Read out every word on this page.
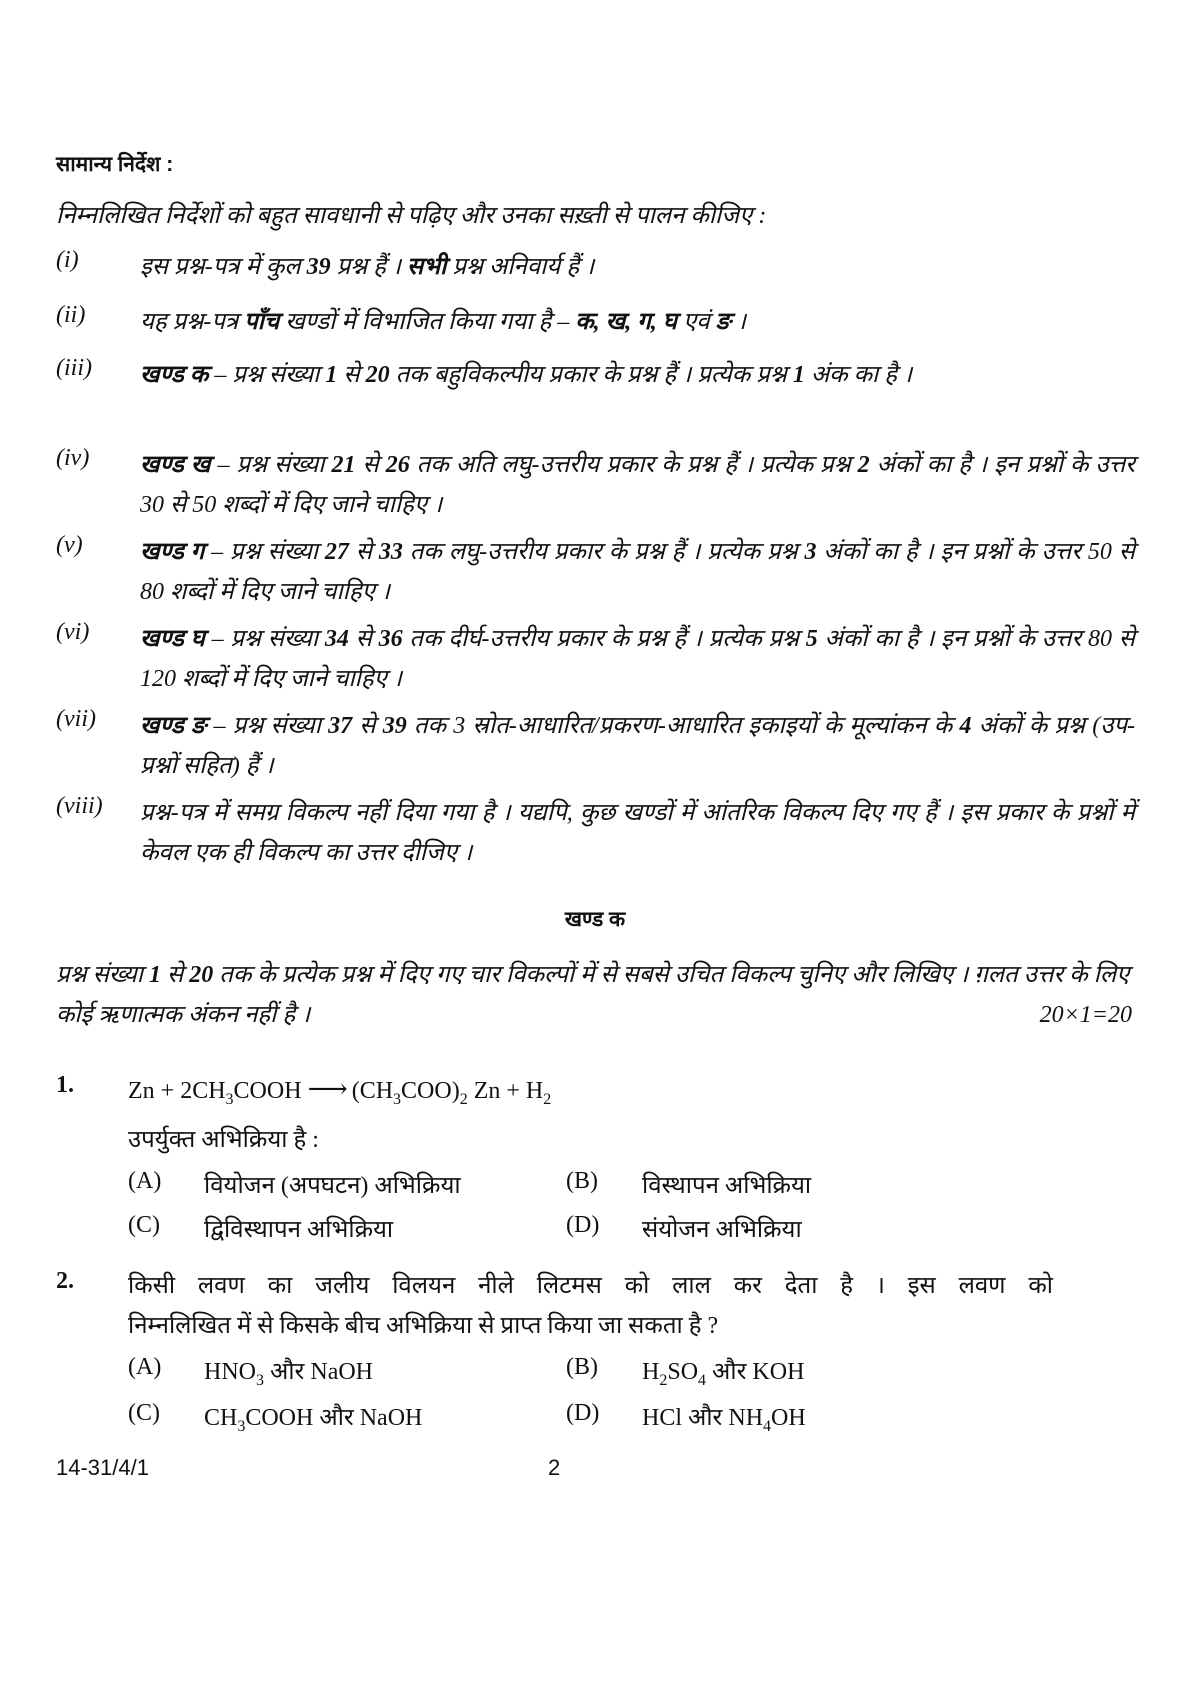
सामान्य निर्देश :
निम्नलिखित निर्देशों को बहुत सावधानी से पढ़िए और उनका सख़्ती से पालन कीजिए :
(i)	इस प्रश्न-पत्र में कुल 39 प्रश्न हैं । सभी प्रश्न अनिवार्य हैं ।
(ii) यह प्रश्न-पत्र पाँच खण्डों में विभाजित किया गया है – क, ख, ग, घ एवं ङ ।
(iii) खण्ड क – प्रश्न संख्या 1 से 20 तक बहुविकल्पीय प्रकार के प्रश्न हैं । प्रत्येक प्रश्न 1 अंक का है ।
(iv) खण्ड ख – प्रश्न संख्या 21 से 26 तक अति लघु-उत्तरीय प्रकार के प्रश्न हैं । प्रत्येक प्रश्न 2 अंकों का है । इन प्रश्नों के उत्तर 30 से 50 शब्दों में दिए जाने चाहिए ।
(v) खण्ड ग – प्रश्न संख्या 27 से 33 तक लघु-उत्तरीय प्रकार के प्रश्न हैं । प्रत्येक प्रश्न 3 अंकों का है । इन प्रश्नों के उत्तर 50 से 80 शब्दों में दिए जाने चाहिए ।
(vi) खण्ड घ – प्रश्न संख्या 34 से 36 तक दीर्घ-उत्तरीय प्रकार के प्रश्न हैं । प्रत्येक प्रश्न 5 अंकों का है । इन प्रश्नों के उत्तर 80 से 120 शब्दों में दिए जाने चाहिए ।
(vii) खण्ड ङ – प्रश्न संख्या 37 से 39 तक 3 स्रोत-आधारित/प्रकरण-आधारित इकाइयों के मूल्यांकन के 4 अंकों के प्रश्न (उप-प्रश्नों सहित) हैं ।
(viii) प्रश्न-पत्र में समग्र विकल्प नहीं दिया गया है । यद्यपि, कुछ खण्डों में आंतरिक विकल्प दिए गए हैं । इस प्रकार के प्रश्नों में केवल एक ही विकल्प का उत्तर दीजिए ।
खण्ड क
प्रश्न संख्या 1 से 20 तक के प्रत्येक प्रश्न में दिए गए चार विकल्पों में से सबसे उचित विकल्प चुनिए और लिखिए । ग़लत उत्तर के लिए कोई ऋणात्मक अंकन नहीं है ।	20×1=20
1. $Zn + 2CH_3COOH$ ⟶ $(CH_3COO)_2$ $Zn + H_2$
उपर्युक्त अभिक्रिया है :
(A) वियोजन (अपघटन) अभिक्रिया	(B) विस्थापन अभिक्रिया
(C) द्विविस्थापन अभिक्रिया	(D) संयोजन अभिक्रिया
2. किसी लवण का जलीय विलयन नीले लिटमस को लाल कर देता है । इस लवण को
निम्नलिखित में से किसके बीच अभिक्रिया से प्राप्त किया जा सकता है ?
(A) $HNO_3$ और NaOH	(B) $H_2SO_4$ और KOH
(C) $CH_3COOH$ और NaOH	(D) HCl और $NH_4OH$
14-31/4/1	2
